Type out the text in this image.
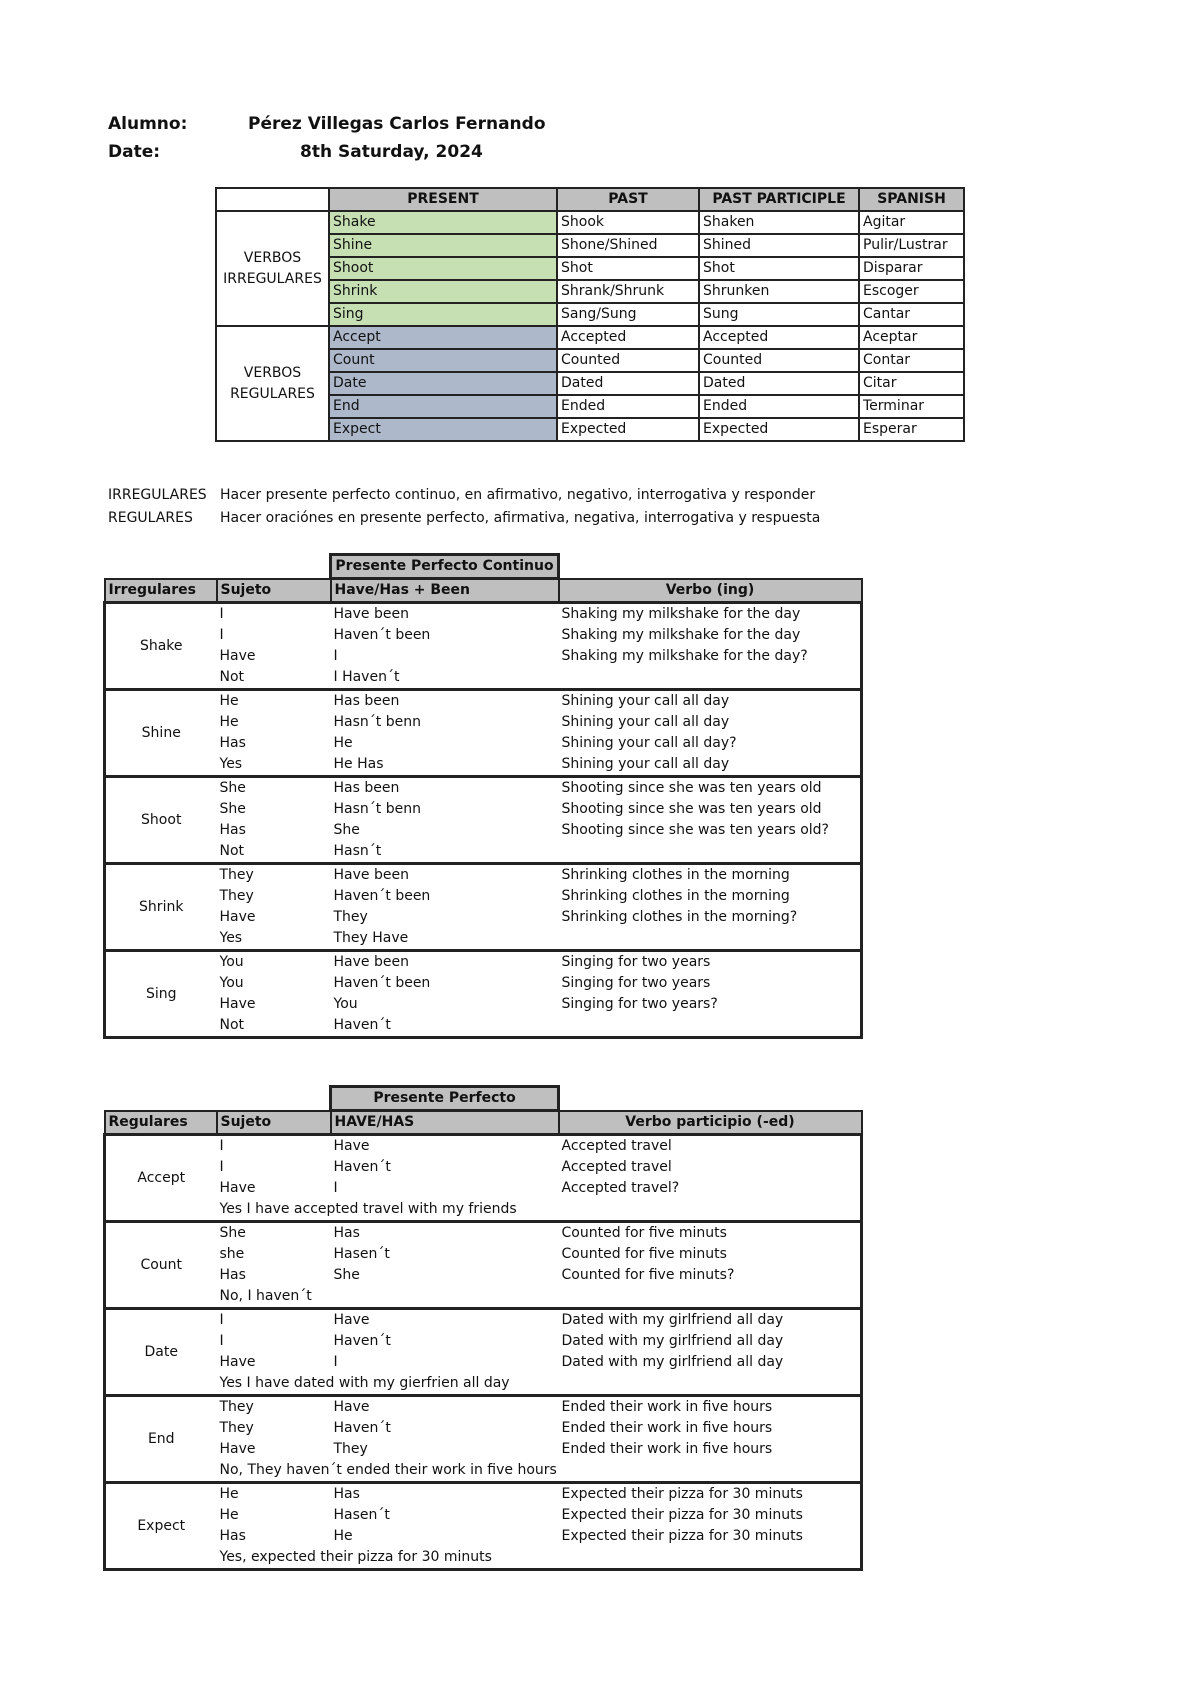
Alumno:	Pérez Villegas Carlos Fernando
Date:	8th Saturday, 2024
	PRESENT	PAST	PAST PARTICIPLE	SPANISH
VERBOS IRREGULARES	Shake	Shook	Shaken	Agitar
	Shine	Shone/Shined	Shined	Pulir/Lustrar
	Shoot	Shot	Shot	Disparar
	Shrink	Shrank/Shrunk	Shrunken	Escoger
	Sing	Sang/Sung	Sung	Cantar
VERBOS REGULARES	Accept	Accepted	Accepted	Aceptar
	Count	Counted	Counted	Contar
	Date	Dated	Dated	Citar
	End	Ended	Ended	Terminar
	Expect	Expected	Expected	Esperar
IRREGULARES Hacer presente perfecto continuo, en afirmativo, negativo, interrogativa y responder
REGULARES Hacer oraciónes en presente perfecto, afirmativa, negativa, interrogativa y respuesta
		Presente Perfecto Continuo	
Irregulares	Sujeto	Have/Has + Been	Verbo (ing)
Shake	I	Have been	Shaking my milkshake for the day
	I	Haven´t been	Shaking my milkshake for the day
	Have	I	Shaking my milkshake for the day?
	Not	I Haven´t	
Shine	He	Has been	Shining your call all day
	He	Hasn´t benn	Shining your call all day
	Has	He	Shining your call all day?
	Yes	He Has	Shining your call all day
Shoot	She	Has been	Shooting since she was ten years old
	She	Hasn´t benn	Shooting since she was ten years old
	Has	She	Shooting since she was ten years old?
	Not	Hasn´t	
Shrink	They	Have been	Shrinking clothes in the morning
	They	Haven´t been	Shrinking clothes in the morning
	Have	They	Shrinking clothes in the morning?
	Yes	They Have	
Sing	You	Have been	Singing for two years
	You	Haven´t been	Singing for two years
	Have	You	Singing for two years?
	Not	Haven´t	
		Presente Perfecto	
Regulares	Sujeto	HAVE/HAS	Verbo participio (-ed)
Accept	I	Have	Accepted travel
	I	Haven´t	Accepted travel
	Have	I	Accepted travel?
	Yes I have accepted travel with my friends		
Count	She	Has	Counted for five minuts
	she	Hasen´t	Counted for five minuts
	Has	She	Counted for five minuts?
	No, I haven´t		
Date	I	Have	Dated with my girlfriend all day
	I	Haven´t	Dated with my girlfriend all day
	Have	I	Dated with my girlfriend all day
	Yes I have dated with my gierfrien all day		
End	They	Have	Ended their work in five hours
	They	Haven´t	Ended their work in five hours
	Have	They	Ended their work in five hours
	No, They haven´t ended their work in five hours		
Expect	He	Has	Expected their pizza for 30 minuts
	He	Hasen´t	Expected their pizza for 30 minuts
	Has	He	Expected their pizza for 30 minuts
	Yes, expected their pizza for 30 minuts		
